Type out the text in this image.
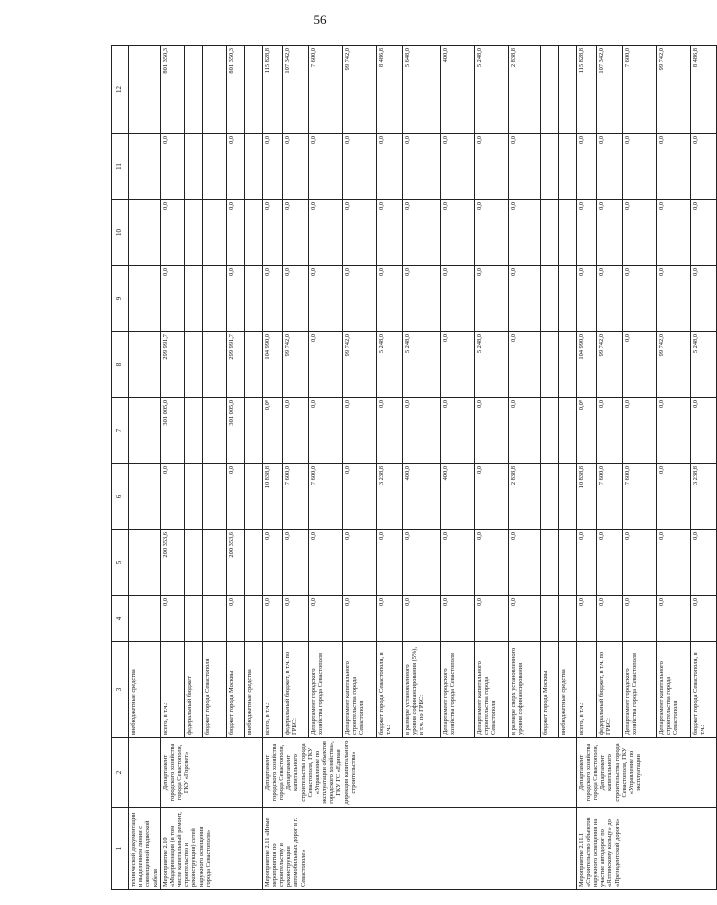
56
1	2	3	4	5	6	7	8	9	10	11	12
технической документации и выделением линии с совмещенной подвеской кабеля		внебюджетные средства									
Мероприятие 2.10 «Модернизация (в том числе капитальный ремонт, строительство и реконструкция) сетей наружного освещения города Севастополя»	Департамент городского хозяйства города Севастополя, ГКУ «Горсвет»	всего, в т.ч.:	0,0	200 353,6	0,0	301 005,0	299 991,7	0,0	0,0	0,0	801 350,3
		федеральный бюджет									
		бюджет города Севастополя									
		бюджет города Москвы	0,0	200 353,6	0,0	301 005,0	299 991,7	0,0	0,0	0,0	801 350,3
		внебюджетные средства									
Мероприятие 2.11 «Иные мероприятия по строительству и реконструкции автомобильных дорог в г. Севастополе»	Департамент городского хозяйства города Севастополя, Департамент капитального строительства города Севастополя, ГКУ «Управление по эксплуатации объектов городского хозяйства», ГКУ ГС «Единая дирекция капитального строительства»	всего, в т.ч.:	0,0	0,0	10 838,8	0,0⁸	104 990,0	0,0	0,0	0,0	115 828,8
		федеральный бюджет, в т.ч. по ГРБС:	0,0	0,0	7 600,0	0,0	99 742,0	0,0	0,0	0,0	107 342,0
		Департамент городского хозяйства города Севастополя	0,0	0,0	7 600,0	0,0	0,0	0,0	0,0	0,0	7 600,0
		Департамент капитального строительства города Севастополя	0,0	0,0	0,0	0,0	99 742,0	0,0	0,0	0,0	99 742,0
		бюджет города Севастополя, в т.ч.:	0,0	0,0	3 238,8	0,0	5 248,0	0,0	0,0	0,0	8 486,8
		в размере установленного уровня софинансирования (5%), в т.ч. по ГРБС:	0,0	0,0	400,0	0,0	5 248,0	0,0	0,0	0,0	5 648,0
		Департамент городского хозяйства города Севастополя	0,0	0,0	400,0	0,0	0,0	0,0	0,0	0,0	400,0
		Департамент капитального строительства города Севастополя	0,0	0,0	0,0	0,0	5 248,0	0,0	0,0	0,0	5 248,0
		в размере сверх установленного уровня софинансирования	0,0	0,0	2 838,8	0,0	0,0	0,0	0,0	0,0	2 838,8
		бюджет города Москвы									
		внебюджетные средства									
Мероприятие 2.11.1 «Строительство объектов наружного освещения на участие автодорог по «Ялтинскому кольцу» до «Президентской дороги»	Департамент городского хозяйства города Севастополя, Департамент капитального строительства города Севастополя, ГКУ «Управление по эксплуатации	всего, в т.ч.:	0,0	0,0	10 838,8	0,0⁸	104 990,0	0,0	0,0	0,0	115 828,8
		федеральный бюджет, в т.ч. по ГРБС:	0,0	0,0	7 600,0	0,0	99 742,0	0,0	0,0	0,0	107 342,0
		Департамент городского хозяйства города Севастополя	0,0	0,0	7 600,0	0,0	0,0	0,0	0,0	0,0	7 600,0
		Департамент капитального строительства города Севастополя	0,0	0,0	0,0	0,0	99 742,0	0,0	0,0	0,0	99 742,0
		бюджет города Севастополя, в т.ч.:	0,0	0,0	3 238,8	0,0	5 248,0	0,0	0,0	0,0	8 486,8
